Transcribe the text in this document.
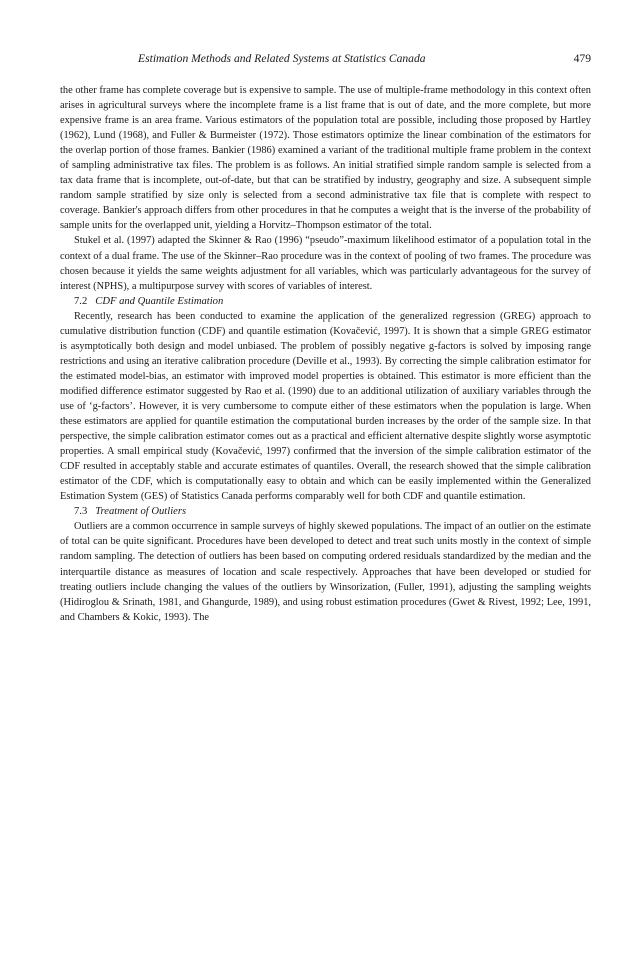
Estimation Methods and Related Systems at Statistics Canada	479

the other frame has complete coverage but is expensive to sample. The use of multiple-frame methodology in this context often arises in agricultural surveys where the incomplete frame is a list frame that is out of date, and the more complete, but more expensive frame is an area frame. Various estimators of the population total are possible, including those proposed by Hartley (1962), Lund (1968), and Fuller & Burmeister (1972). Those estimators optimize the linear combination of the estimators for the overlap portion of those frames. Bankier (1986) examined a variant of the traditional multiple frame problem in the context of sampling administrative tax files. The problem is as follows. An initial stratified simple random sample is selected from a tax data frame that is incomplete, out-of-date, but that can be stratified by industry, geography and size. A subsequent simple random sample stratified by size only is selected from a second administrative tax file that is complete with respect to coverage. Bankier's approach differs from other procedures in that he computes a weight that is the inverse of the probability of sample units for the overlapped unit, yielding a Horvitz–Thompson estimator of the total.

Stukel et al. (1997) adapted the Skinner & Rao (1996) “pseudo”-maximum likelihood estimator of a population total in the context of a dual frame. The use of the Skinner–Rao procedure was in the context of pooling of two frames. The procedure was chosen because it yields the same weights adjustment for all variables, which was particularly advantageous for the survey of interest (NPHS), a multipurpose survey with scores of variables of interest.

7.2 CDF and Quantile Estimation

Recently, research has been conducted to examine the application of the generalized regression (GREG) approach to cumulative distribution function (CDF) and quantile estimation (Kovačević, 1997). It is shown that a simple GREG estimator is asymptotically both design and model unbiased. The problem of possibly negative g-factors is solved by imposing range restrictions and using an iterative calibration procedure (Deville et al., 1993). By correcting the simple calibration estimator for the estimated model-bias, an estimator with improved model properties is obtained. This estimator is more efficient than the modified difference estimator suggested by Rao et al. (1990) due to an additional utilization of auxiliary variables through the use of ‘g-factors’. However, it is very cumbersome to compute either of these estimators when the population is large. When these estimators are applied for quantile estimation the computational burden increases by the order of the sample size. In that perspective, the simple calibration estimator comes out as a practical and efficient alternative despite slightly worse asymptotic properties. A small empirical study (Kovačević, 1997) confirmed that the inversion of the simple calibration estimator of the CDF resulted in acceptably stable and accurate estimates of quantiles. Overall, the research showed that the simple calibration estimator of the CDF, which is computationally easy to obtain and which can be easily implemented within the Generalized Estimation System (GES) of Statistics Canada performs comparably well for both CDF and quantile estimation.

7.3 Treatment of Outliers

Outliers are a common occurrence in sample surveys of highly skewed populations. The impact of an outlier on the estimate of total can be quite significant. Procedures have been developed to detect and treat such units mostly in the context of simple random sampling. The detection of outliers has been based on computing ordered residuals standardized by the median and the interquartile distance as measures of location and scale respectively. Approaches that have been developed or studied for treating outliers include changing the values of the outliers by Winsorization, (Fuller, 1991), adjusting the sampling weights (Hidiroglou & Srinath, 1981, and Ghangurde, 1989), and using robust estimation procedures (Gwet & Rivest, 1992; Lee, 1991, and Chambers & Kokic, 1993). The
